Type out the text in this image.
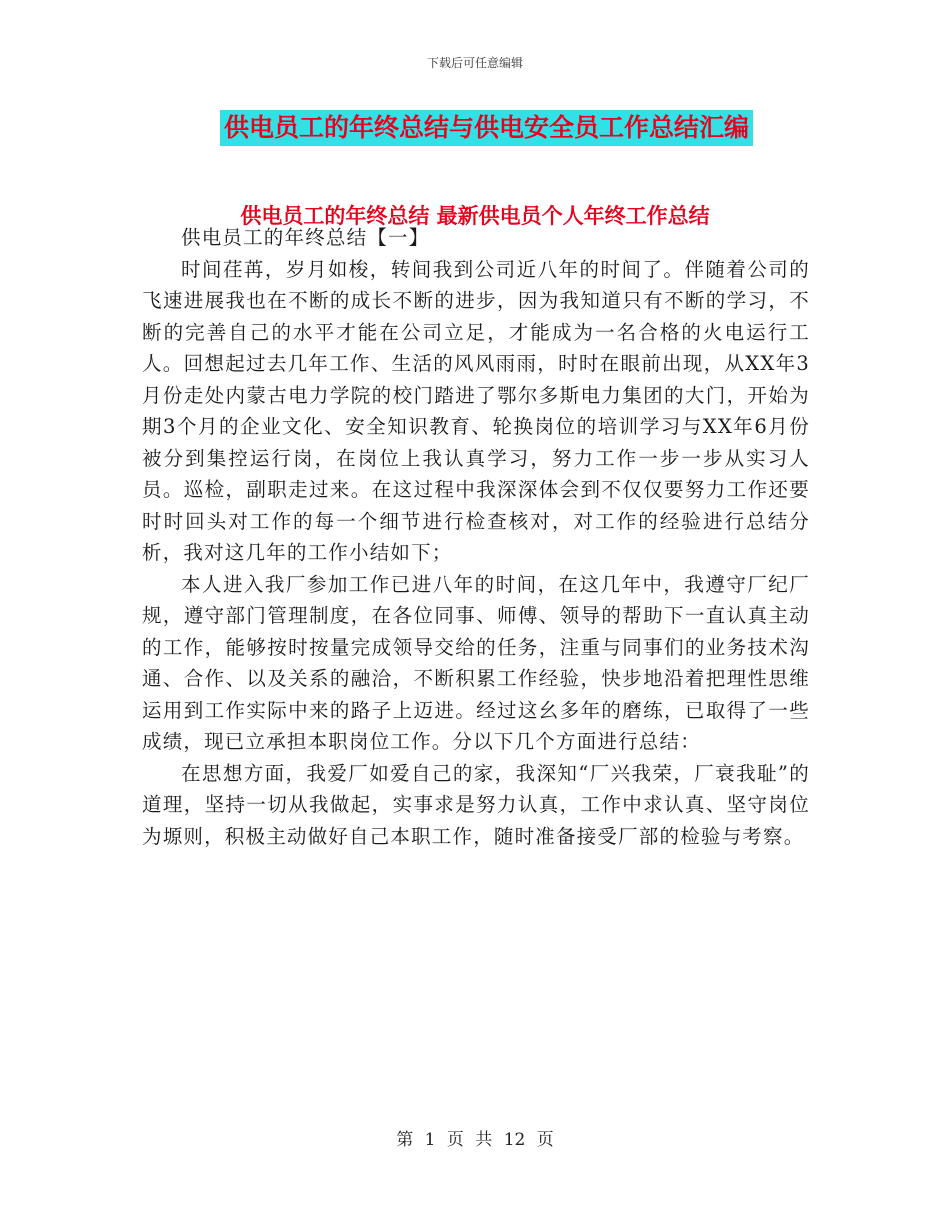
下载后可任意编辑
供电员工的年终总结与供电安全员工作总结汇编
供电员工的年终总结 最新供电员个人年终工作总结

供电员工的年终总结【一】

时间荏苒，岁月如梭，转间我到公司近八年的时间了。伴随着公司的飞速进展我也在不断的成长不断的进步，因为我知道只有不断的学习，不断的完善自己的水平才能在公司立足，才能成为一名合格的火电运行工人。回想起过去几年工作、生活的风风雨雨，时时在眼前出现，从XX年3月份走处内蒙古电力学院的校门踏进了鄂尔多斯电力集团的大门，开始为期3个月的企业文化、安全知识教育、轮换岗位的培训学习与XX年6月份被分到集控运行岗，在岗位上我认真学习，努力工作一步一步从实习人员。巡检，副职走过来。在这过程中我深深体会到不仅仅要努力工作还要时时回头对工作的每一个细节进行检查核对，对工作的经验进行总结分析，我对这几年的工作小结如下；

本人进入我厂参加工作已进八年的时间，在这几年中，我遵守厂纪厂规，遵守部门管理制度，在各位同事、师傅、领导的帮助下一直认真主动的工作，能够按时按量完成领导交给的任务，注重与同事们的业务技术沟通、合作、以及关系的融洽，不断积累工作经验，快步地沿着把理性思维运用到工作实际中来的路子上迈进。经过这幺多年的磨练，已取得了一些成绩，现已立承担本职岗位工作。分以下几个方面进行总结：

在思想方面，我爱厂如爱自己的家，我深知“厂兴我荣，厂衰我耻”的道理，坚持一切从我做起，实事求是努力认真，工作中求认真、坚守岗位为塬则，积极主动做好自己本职工作，随时准备接受厂部的检验与考察。

第 1 页 共 12 页
